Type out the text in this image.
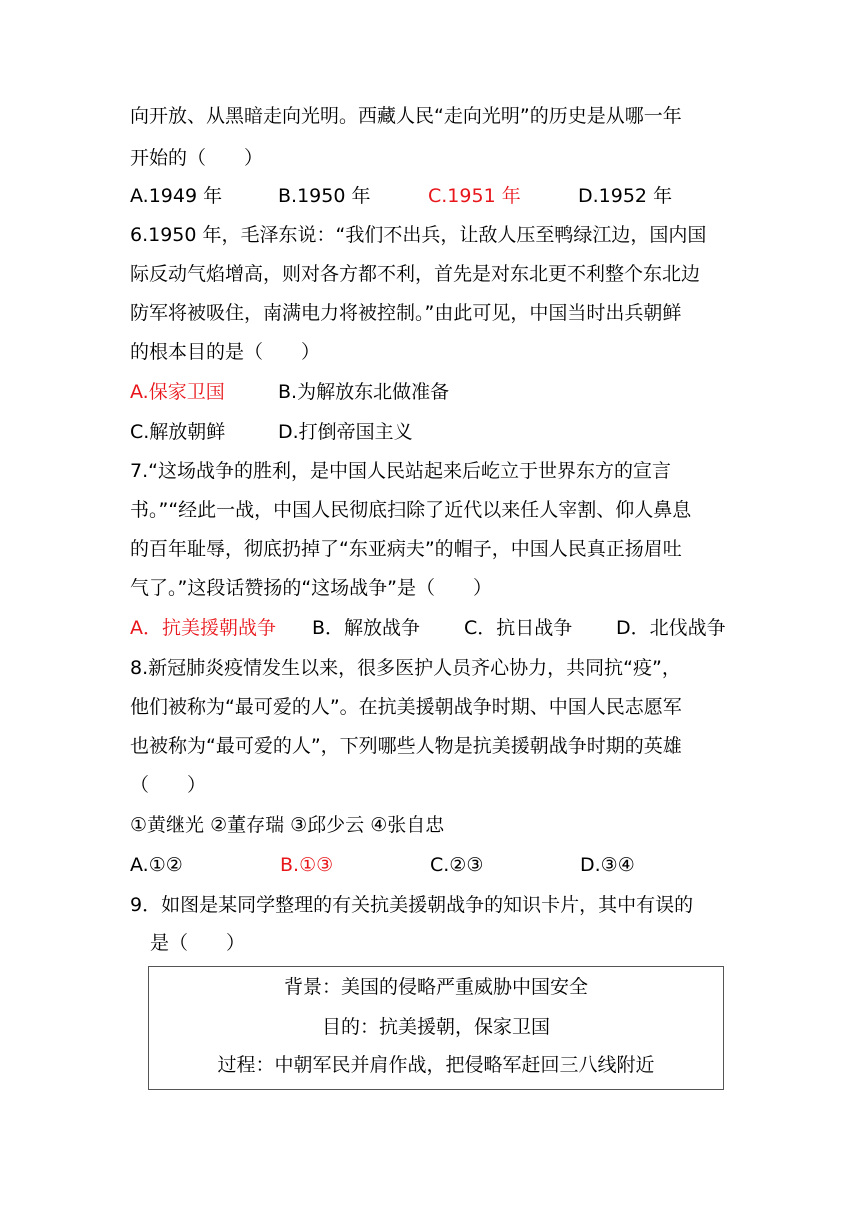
向开放、从黑暗走向光明。西藏人民“走向光明”的历史是从哪一年
开始的（　　）
A.1949 年	B.1950 年	C.1951 年	D.1952 年
6.1950 年，毛泽东说：“我们不出兵，让敌人压至鸭绿江边，国内国
际反动气焰增高，则对各方都不利，首先是对东北更不利整个东北边
防军将被吸住，南满电力将被控制。”由此可见，中国当时出兵朝鲜
的根本目的是（　　）
A.保家卫国	B.为解放东北做准备
C.解放朝鲜	D.打倒帝国主义
7.“这场战争的胜利，是中国人民站起来后屹立于世界东方的宣言
书。”“经此一战，中国人民彻底扫除了近代以来任人宰割、仰人鼻息
的百年耻辱，彻底扔掉了“东亚病夫”的帽子，中国人民真正扬眉吐
气了。”这段话赞扬的“这场战争”是（　　）
A．抗美援朝战争 B．解放战争 C．抗日战争 D．北伐战争
8.新冠肺炎疫情发生以来，很多医护人员齐心协力，共同抗“疫”，
他们被称为“最可爱的人”。在抗美援朝战争时期、中国人民志愿军
也被称为“最可爱的人”，下列哪些人物是抗美援朝战争时期的英雄
（　　）
①黄继光 ②董存瑞 ③邱少云 ④张自忠
A.①②	B.①③	C.②③	D.③④
9．如图是某同学整理的有关抗美援朝战争的知识卡片，其中有误的
是（　　）
背景：美国的侵略严重威胁中国安全
目的：抗美援朝，保家卫国
过程：中朝军民并肩作战，把侵略军赶回三八线附近
